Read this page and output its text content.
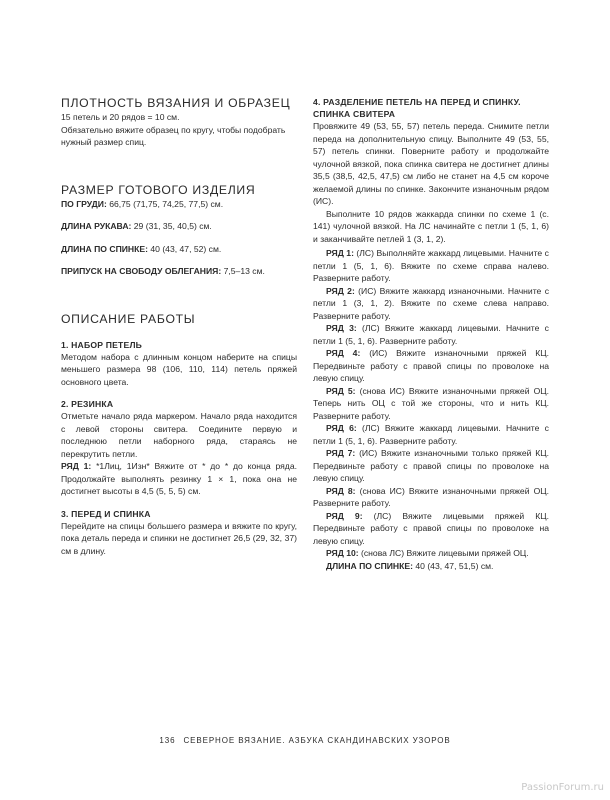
ПЛОТНОСТЬ ВЯЗАНИЯ И ОБРАЗЕЦ

15 петель и 20 рядов = 10 см.

Обязательно вяжите образец по кругу, чтобы подобрать нужный размер спиц.

РАЗМЕР ГОТОВОГО ИЗДЕЛИЯ

ПО ГРУДИ: 66,75 (71,75, 74,25, 77,5) см.

ДЛИНА РУКАВА: 29 (31, 35, 40,5) см.

ДЛИНА ПО СПИНКЕ: 40 (43, 47, 52) см.

ПРИПУСК НА СВОБОДУ ОБЛЕГАНИЯ: 7,5–13 см.

ОПИСАНИЕ РАБОТЫ
1. НАБОР ПЕТЕЛЬ

Методом набора с длинным концом наберите на спицы меньшего размера 98 (106, 110, 114) петель пряжей основного цвета.

2. РЕЗИНКА

Отметьте начало ряда маркером. Начало ряда находится с левой стороны свитера. Соедините первую и последнюю петли наборного ряда, стараясь не перекрутить петли.

РЯД 1: *1Лиц, 1Изн* Вяжите от * до * до конца ряда. Продолжайте выполнять резинку 1 × 1, пока она не достигнет высоты в 4,5 (5, 5, 5) см.

3. ПЕРЕД И СПИНКА

Перейдите на спицы большего размера и вяжите по кругу, пока деталь переда и спинки не достигнет 26,5 (29, 32, 37) см в длину.

4. РАЗДЕЛЕНИЕ ПЕТЕЛЬ НА ПЕРЕД И СПИНКУ.
СПИНКА СВИТЕРА

Провяжите 49 (53, 55, 57) петель переда. Снимите петли переда на дополнительную спицу. Выполните 49 (53, 55, 57) петель спинки. Поверните работу и продолжайте чулочной вязкой, пока спинка свитера не достигнет длины 35,5 (38,5, 42,5, 47,5) см либо не станет на 4,5 см короче желаемой длины по спинке. Закончите изнаночным рядом (ИС).

Выполните 10 рядов жаккарда спинки по схеме 1 (с. 141) чулочной вязкой. На ЛС начинайте с петли 1 (5, 1, 6) и заканчивайте петлей 1 (3, 1, 2).

РЯД 1: (ЛС) Выполняйте жаккард лицевыми. Начните с петли 1 (5, 1, 6). Вяжите по схеме справа налево. Разверните работу.

РЯД 2: (ИС) Вяжите жаккард изнаночными. Начните с петли 1 (3, 1, 2). Вяжите по схеме слева направо. Разверните работу.

РЯД 3: (ЛС) Вяжите жаккард лицевыми. Начните с петли 1 (5, 1, 6). Разверните работу.

РЯД 4: (ИС) Вяжите изнаночными пряжей КЦ. Передвиньте работу с правой спицы по проволоке на левую спицу.

РЯД 5: (снова ИС) Вяжите изнаночными пряжей ОЦ. Теперь нить ОЦ с той же стороны, что и нить КЦ. Разверните работу.

РЯД 6: (ЛС) Вяжите жаккард лицевыми. Начните с петли 1 (5, 1, 6). Разверните работу.

РЯД 7: (ИС) Вяжите изнаночными только пряжей КЦ. Передвиньте работу с правой спицы по проволоке на левую спицу.

РЯД 8: (снова ИС) Вяжите изнаночными пряжей ОЦ. Разверните работу.

РЯД 9: (ЛС) Вяжите лицевыми пряжей КЦ. Передвиньте работу с правой спицы по проволоке на левую спицу.

РЯД 10: (снова ЛС) Вяжите лицевыми пряжей ОЦ.

ДЛИНА ПО СПИНКЕ: 40 (43, 47, 51,5) см.

136 СЕВЕРНОЕ ВЯЗАНИЕ. АЗБУКА СКАНДИНАВСКИХ УЗОРОВ
PassionForum.ru
